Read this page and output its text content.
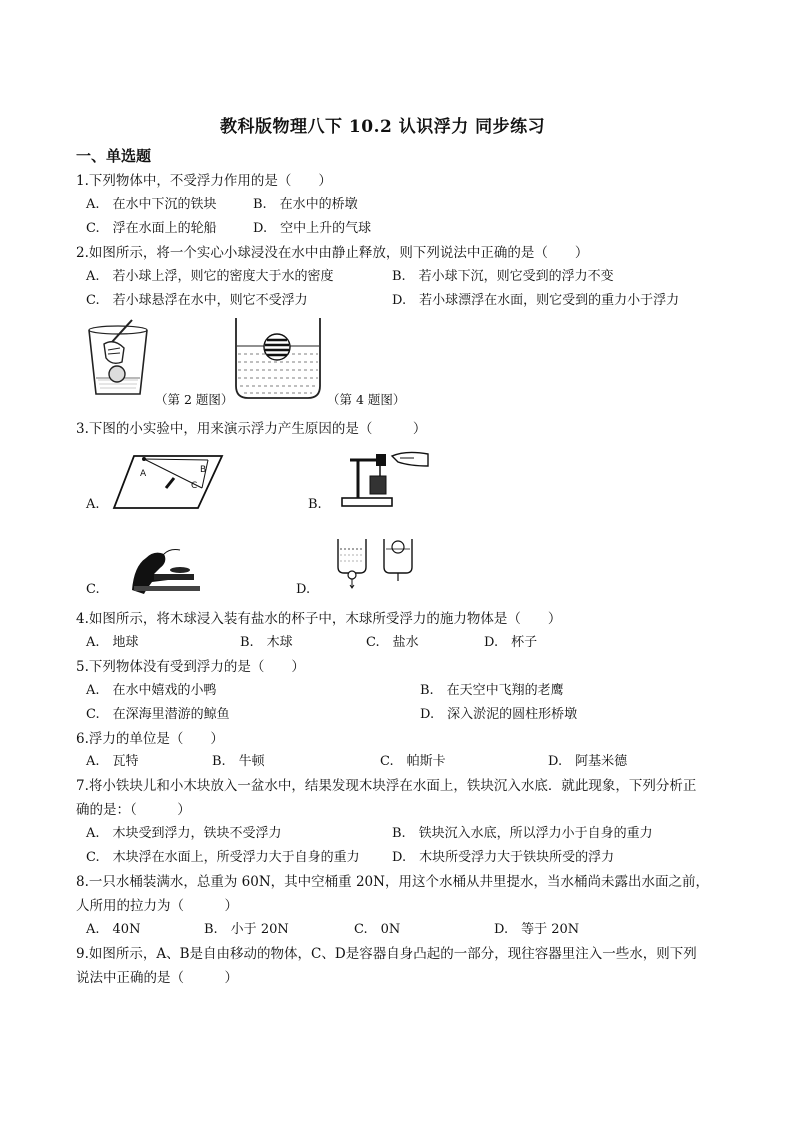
教科版物理八下 10.2 认识浮力 同步练习
一、单选题
1.下列物体中，不受浮力作用的是（　　）
A.　在水中下沉的铁块	B.　在水中的桥墩
C.　浮在水面上的轮船	D.　空中上升的气球
2.如图所示，将一个实心小球浸没在水中由静止释放，则下列说法中正确的是（　　）
A.　若小球上浮，则它的密度大于水的密度	B.　若小球下沉，则它受到的浮力不变
C.　若小球悬浮在水中，则它不受浮力	D.　若小球漂浮在水面，则它受到的重力小于浮力
（第 2 题图）	（第 4 题图）
3.下图的小实验中，用来演示浮力产生原因的是（　　　）
A	B
C
A.	B.
C.	D.
4.如图所示，将木球浸入装有盐水的杯子中，木球所受浮力的施力物体是（　　）
A.　地球	B.　木球	C.　盐水	D.　杯子
5.下列物体没有受到浮力的是（　　）
A.　在水中嬉戏的小鸭	B.　在天空中飞翔的老鹰
C.　在深海里潜游的鲸鱼	D.　深入淤泥的圆柱形桥墩
6.浮力的单位是（　　）
A.　瓦特	B.　牛顿	C.　帕斯卡	D.　阿基米德
7.将小铁块儿和小木块放入一盆水中，结果发现木块浮在水面上，铁块沉入水底．就此现象，下列分析正
确的是：（　　　）
A.　木块受到浮力，铁块不受浮力	B.　铁块沉入水底，所以浮力小于自身的重力
C.　木块浮在水面上，所受浮力大于自身的重力 D.　木块所受浮力大于铁块所受的浮力
8.一只水桶装满水，总重为 60N，其中空桶重 20N，用这个水桶从井里提水，当水桶尚未露出水面之前，
人所用的拉力为（　　　）
A.　40N	B.　小于 20N	C.　0N	D.　等于 20N
9.如图所示，A、B是自由移动的物体，C、D是容器自身凸起的一部分，现往容器里注入一些水，则下列
说法中正确的是（　　　）
